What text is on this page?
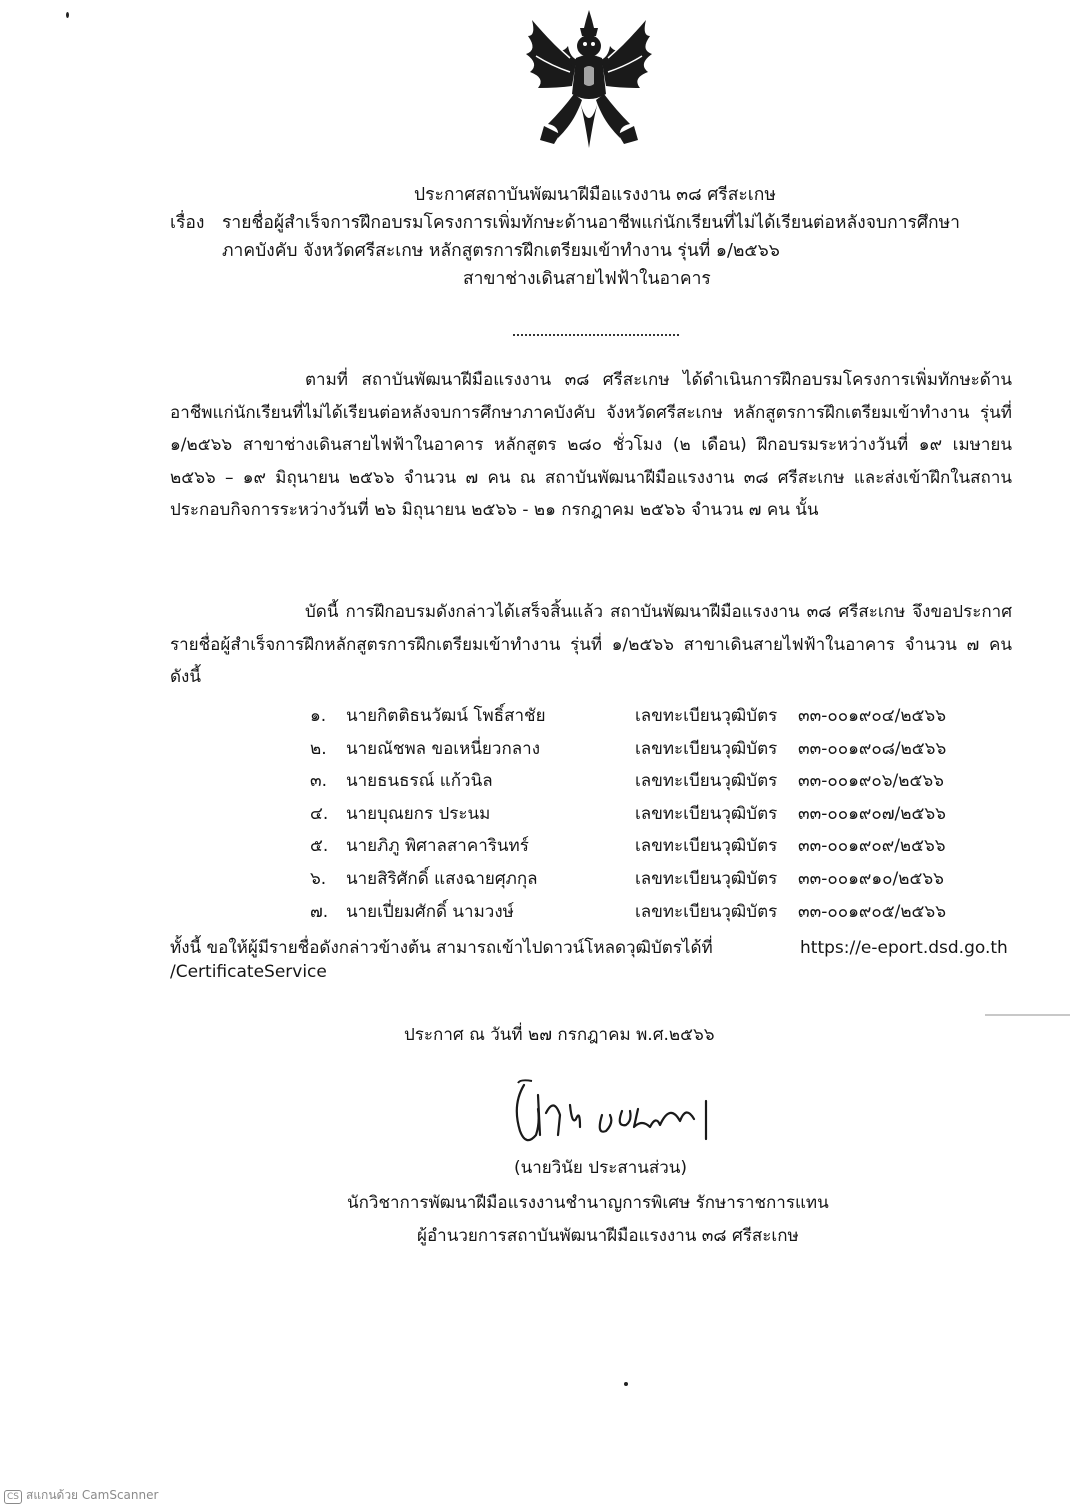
ประกาศสถาบันพัฒนาฝีมือแรงงาน ๓๘ ศรีสะเกษ
เรื่อง รายชื่อผู้สำเร็จการฝึกอบรมโครงการเพิ่มทักษะด้านอาชีพแก่นักเรียนที่ไม่ได้เรียนต่อหลังจบการศึกษา
ภาคบังคับ จังหวัดศรีสะเกษ หลักสูตรการฝึกเตรียมเข้าทำงาน รุ่นที่ ๑/๒๕๖๖
สาขาช่างเดินสายไฟฟ้าในอาคาร
ตามที่ สถาบันพัฒนาฝีมือแรงงาน ๓๘ ศรีสะเกษ ได้ดำเนินการฝึกอบรมโครงการเพิ่มทักษะด้านอาชีพแก่นักเรียนที่ไม่ได้เรียนต่อหลังจบการศึกษาภาคบังคับ จังหวัดศรีสะเกษ หลักสูตรการฝึกเตรียมเข้าทำงาน รุ่นที่ ๑/๒๕๖๖ สาขาช่างเดินสายไฟฟ้าในอาคาร หลักสูตร ๒๘๐ ชั่วโมง (๒ เดือน) ฝึกอบรมระหว่างวันที่ ๑๙ เมษายน ๒๕๖๖ – ๑๙ มิถุนายน ๒๕๖๖ จำนวน ๗ คน ณ สถาบันพัฒนาฝีมือแรงงาน ๓๘ ศรีสะเกษ และส่งเข้าฝึกในสถานประกอบกิจการระหว่างวันที่ ๒๖ มิถุนายน ๒๕๖๖ - ๒๑ กรกฎาคม ๒๕๖๖ จำนวน ๗ คน นั้น
บัดนี้ การฝึกอบรมดังกล่าวได้เสร็จสิ้นแล้ว สถาบันพัฒนาฝีมือแรงงาน ๓๘ ศรีสะเกษ จึงขอประกาศรายชื่อผู้สำเร็จการฝึกหลักสูตรการฝึกเตรียมเข้าทำงาน รุ่นที่ ๑/๒๕๖๖ สาขาเดินสายไฟฟ้าในอาคาร จำนวน ๗ คน ดังนี้
๑. นายกิตติธนวัฒน์ โพธิ์สาชัย	เลขทะเบียนวุฒิบัตร ๓๓-๐๐๑๙๐๔/๒๕๖๖
๒. นายณัชพล ขอเหนี่ยวกลาง	เลขทะเบียนวุฒิบัตร ๓๓-๐๐๑๙๐๘/๒๕๖๖
๓. นายธนธรณ์ แก้วนิล	เลขทะเบียนวุฒิบัตร ๓๓-๐๐๑๙๐๖/๒๕๖๖
๔. นายบุณยกร ประนม	เลขทะเบียนวุฒิบัตร ๓๓-๐๐๑๙๐๗/๒๕๖๖
๕. นายภิภู พิศาลสาคารินทร์	เลขทะเบียนวุฒิบัตร ๓๓-๐๐๑๙๐๙/๒๕๖๖
๖. นายสิริศักดิ์ แสงฉายศุภกุล	เลขทะเบียนวุฒิบัตร ๓๓-๐๐๑๙๑๐/๒๕๖๖
๗. นายเปี่ยมศักดิ์ นามวงษ์	เลขทะเบียนวุฒิบัตร ๓๓-๐๐๑๙๐๕/๒๕๖๖
ทั้งนี้ ขอให้ผู้มีรายชื่อดังกล่าวข้างต้น สามารถเข้าไปดาวน์โหลดวุฒิบัตรได้ที่	https://e-eport.dsd.go.th
/CertificateService
ประกาศ ณ วันที่ ๒๗ กรกฎาคม พ.ศ.๒๕๖๖
(นายวินัย ประสานส่วน)
นักวิชาการพัฒนาฝีมือแรงงานชำนาญการพิเศษ รักษาราชการแทน
ผู้อำนวยการสถาบันพัฒนาฝีมือแรงงาน ๓๘ ศรีสะเกษ
CS สแกนด้วย CamScanner
